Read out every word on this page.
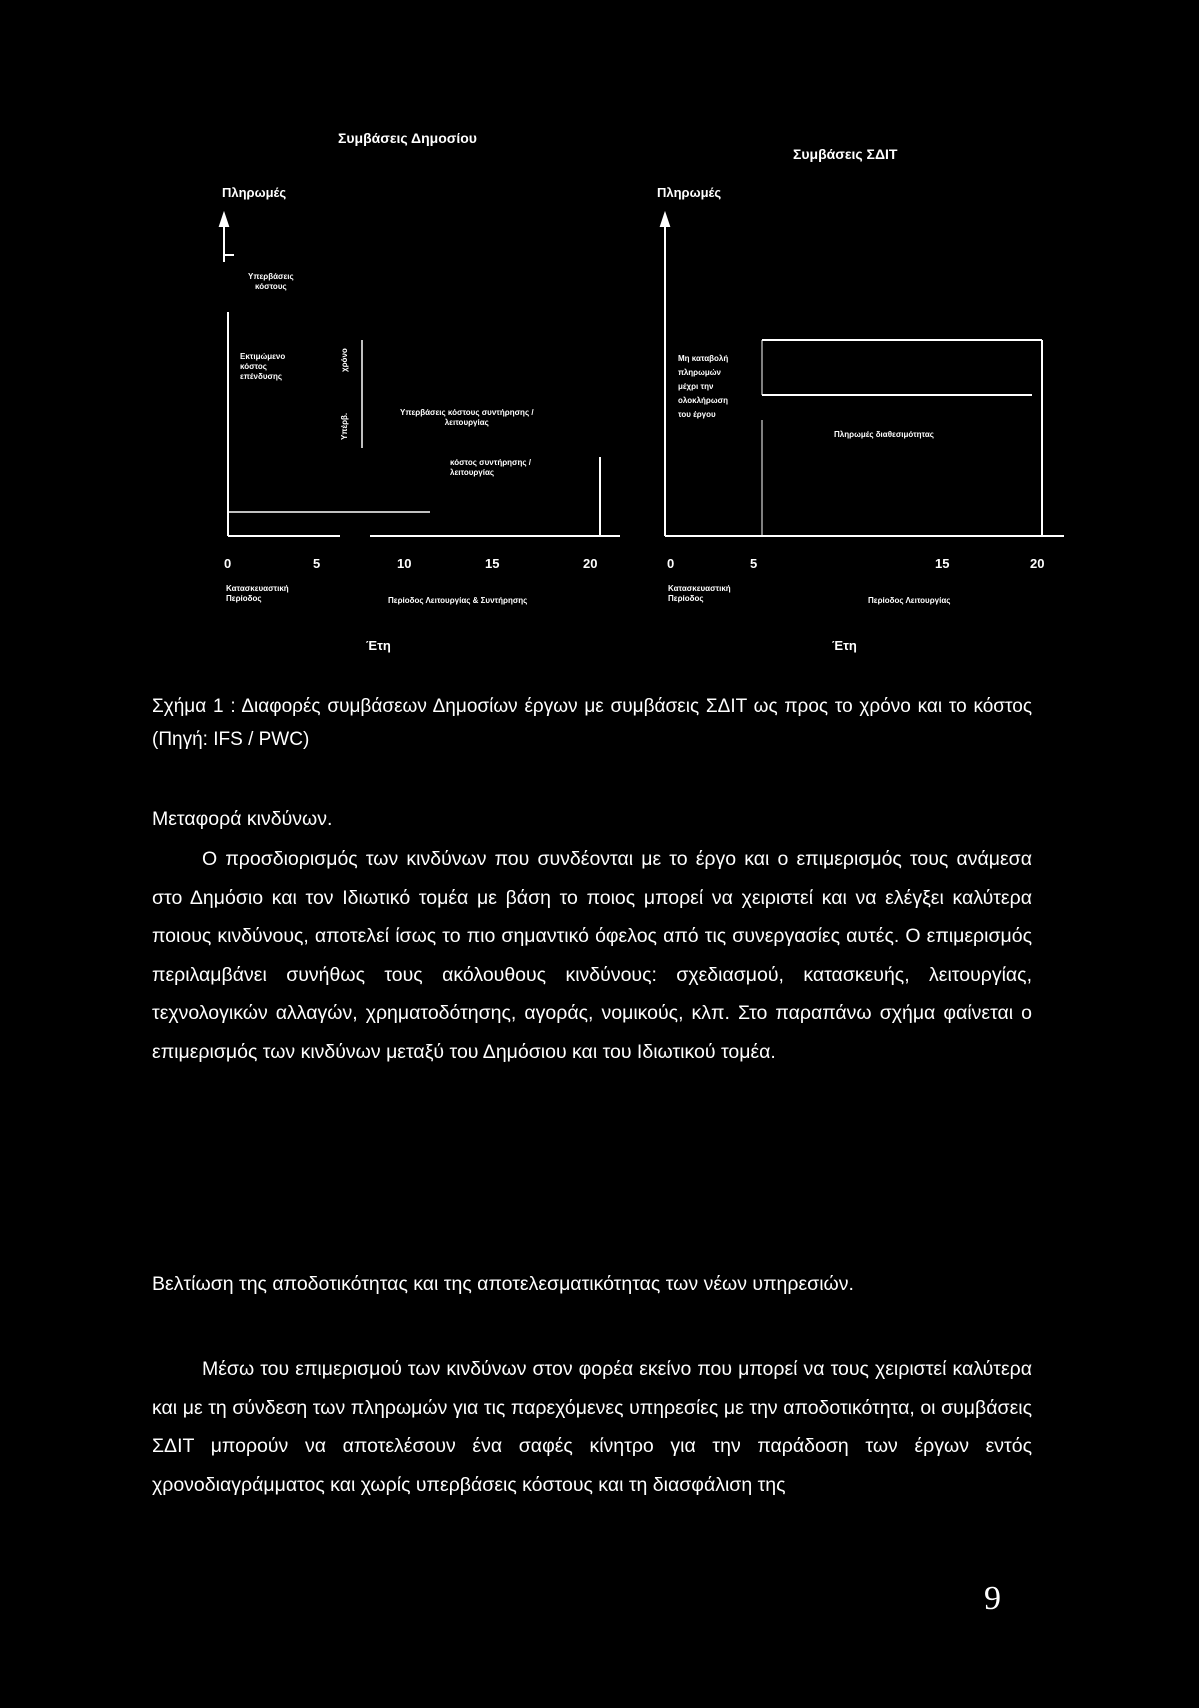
Συμβάσεις Δημοσίου
Συμβάσεις ΣΔΙΤ
Πληρωμές	Πληρωμές
Υπερβάσεις
κόστους
Εκτιμώμενο
κόστος
επένδυσης
χρόνο
Υπέρβ.
Υπερβάσεις κόστους συντήρησης /
λειτουργίας
κόστος συντήρησης /
λειτουργίας
Μη καταβολή
πληρωμών
μέχρι την
ολοκλήρωση
του έργου
Πληρωμές διαθεσιμότητας
0	5	10	15	20	0	5	15	20
Κατασκευαστική
Περίοδος	Περίοδος Λειτουργίας & Συντήρησης
Κατασκευαστική
Περίοδος	Περίοδος Λειτουργίας
Έτη	Έτη
Σχήμα 1 : Διαφορές συμβάσεων Δημοσίων έργων με συμβάσεις ΣΔΙΤ ως προς το χρόνο και το κόστος (Πηγή: IFS / PWC)
Μεταφορά κινδύνων.
Ο προσδιορισμός των κινδύνων που συνδέονται με το έργο και ο επιμερισμός τους ανάμεσα στο Δημόσιο και τον Ιδιωτικό τομέα με βάση το ποιος μπορεί να χειριστεί και να ελέγξει καλύτερα ποιους κινδύνους, αποτελεί ίσως το πιο σημαντικό όφελος από τις συνεργασίες αυτές. Ο επιμερισμός περιλαμβάνει συνήθως τους ακόλουθους κινδύνους: σχεδιασμού, κατασκευής, λειτουργίας, τεχνολογικών αλλαγών, χρηματοδότησης, αγοράς, νομικούς, κλπ. Στο παραπάνω σχήμα φαίνεται ο επιμερισμός των κινδύνων μεταξύ του Δημόσιου και του Ιδιωτικού τομέα.
Βελτίωση της αποδοτικότητας και της αποτελεσματικότητας των νέων υπηρεσιών.
Μέσω του επιμερισμού των κινδύνων στον φορέα εκείνο που μπορεί να τους χειριστεί καλύτερα και με τη σύνδεση των πληρωμών για τις παρεχόμενες υπηρεσίες με την αποδοτικότητα, οι συμβάσεις ΣΔΙΤ μπορούν να αποτελέσουν ένα σαφές κίνητρο για την παράδοση των έργων εντός χρονοδιαγράμματος και χωρίς υπερβάσεις κόστους και τη διασφάλιση της
9
